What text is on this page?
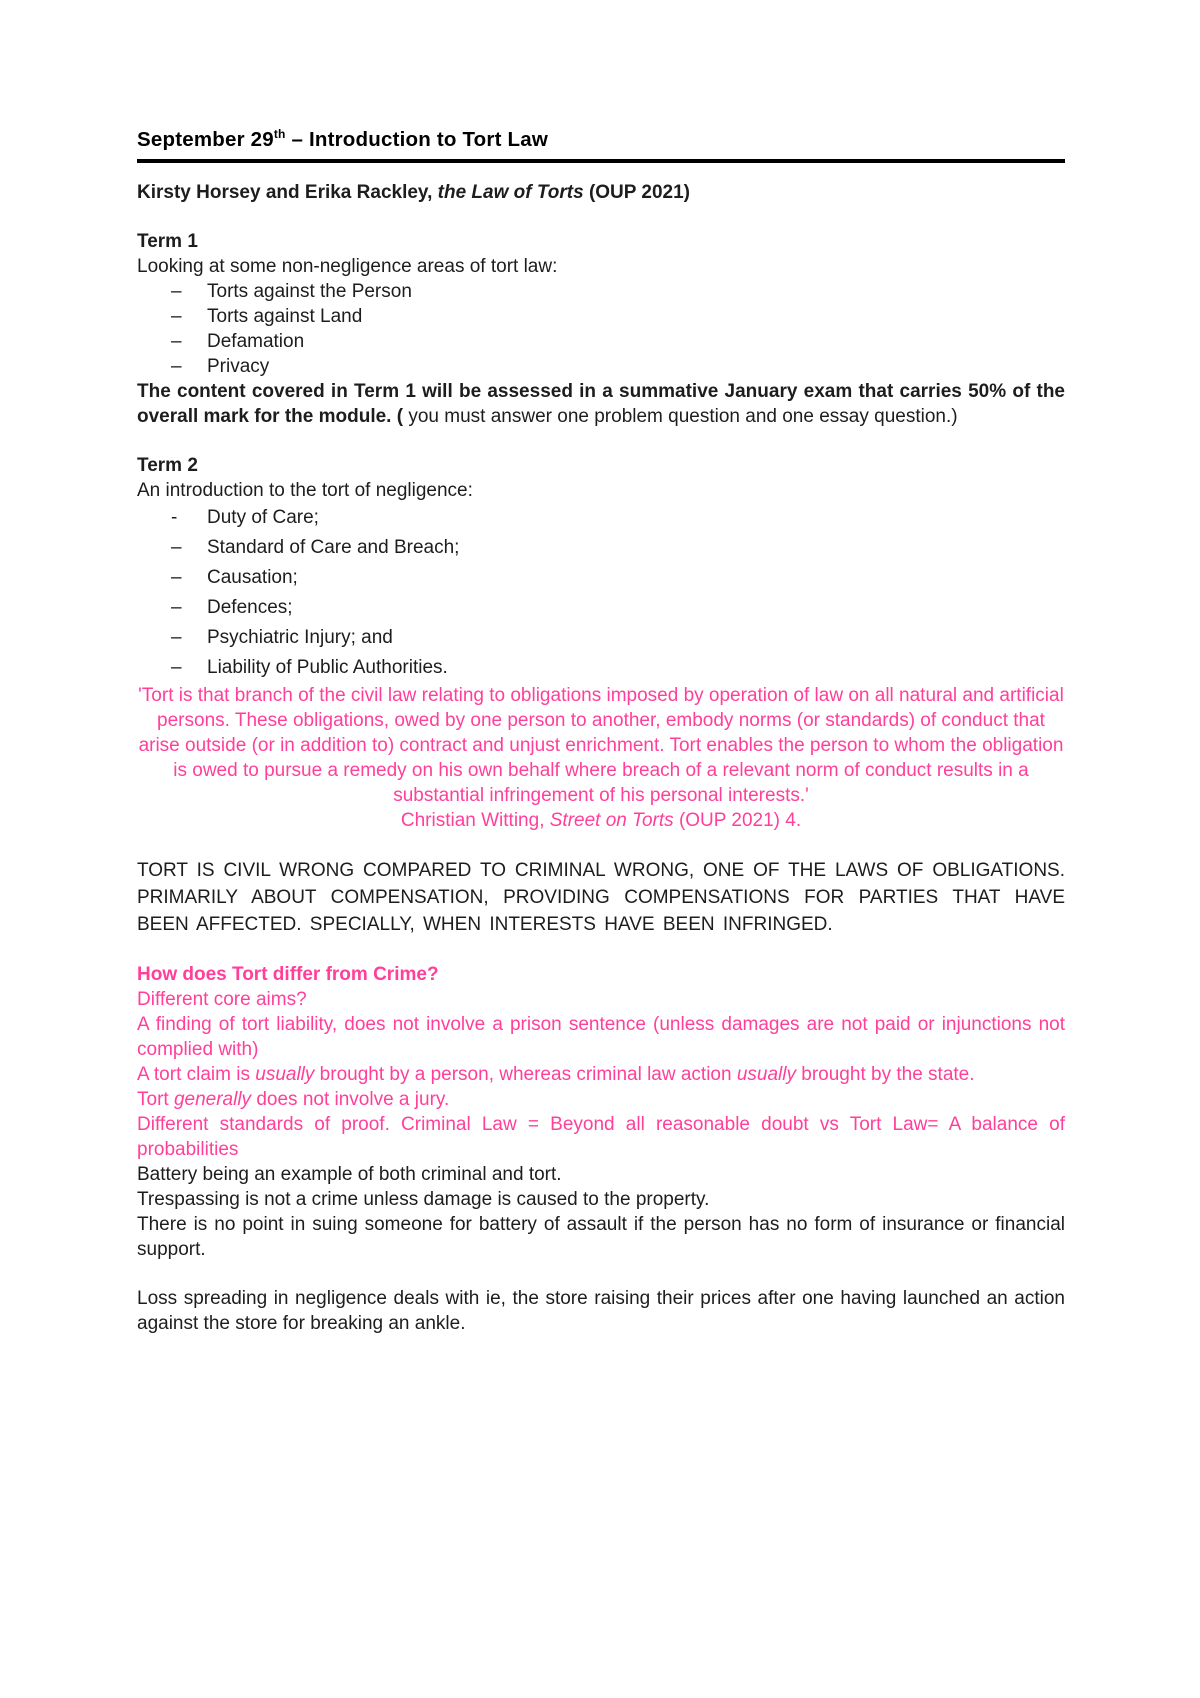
September 29th – Introduction to Tort Law

Kirsty Horsey and Erika Rackley, the Law of Torts (OUP 2021)

Term 1

Looking at some non-negligence areas of tort law:

–	Torts against the Person
–	Torts against Land
–	Defamation
–	Privacy

The content covered in Term 1 will be assessed in a summative January exam that carries 50% of the overall mark for the module. ( you must answer one problem question and one essay question.)

Term 2

An introduction to the tort of negligence:

-	Duty of Care;
–	Standard of Care and Breach;
–	Causation;
–	Defences;
–	Psychiatric Injury; and
–	Liability of Public Authorities.

'Tort is that branch of the civil law relating to obligations imposed by operation of law on all natural and artificial persons. These obligations, owed by one person to another, embody norms (or standards) of conduct that arise outside (or in addition to) contract and unjust enrichment. Tort enables the person to whom the obligation is owed to pursue a remedy on his own behalf where breach of a relevant norm of conduct results in a substantial infringement of his personal interests.'

Christian Witting, Street on Torts (OUP 2021) 4.

TORT IS CIVIL WRONG COMPARED TO CRIMINAL WRONG, ONE OF THE LAWS OF OBLIGATIONS. PRIMARILY ABOUT COMPENSATION, PROVIDING COMPENSATIONS FOR PARTIES THAT HAVE BEEN AFFECTED. SPECIALLY, WHEN INTERESTS HAVE BEEN INFRINGED.

How does Tort differ from Crime?

Different core aims?

A finding of tort liability, does not involve a prison sentence (unless damages are not paid or injunctions not complied with)

A tort claim is usually brought by a person, whereas criminal law action usually brought by the state.

Tort generally does not involve a jury.

Different standards of proof. Criminal Law = Beyond all reasonable doubt vs Tort Law= A balance of probabilities

Battery being an example of both criminal and tort.

Trespassing is not a crime unless damage is caused to the property.

There is no point in suing someone for battery of assault if the person has no form of insurance or financial support.

Loss spreading in negligence deals with ie, the store raising their prices after one having launched an action against the store for breaking an ankle.
